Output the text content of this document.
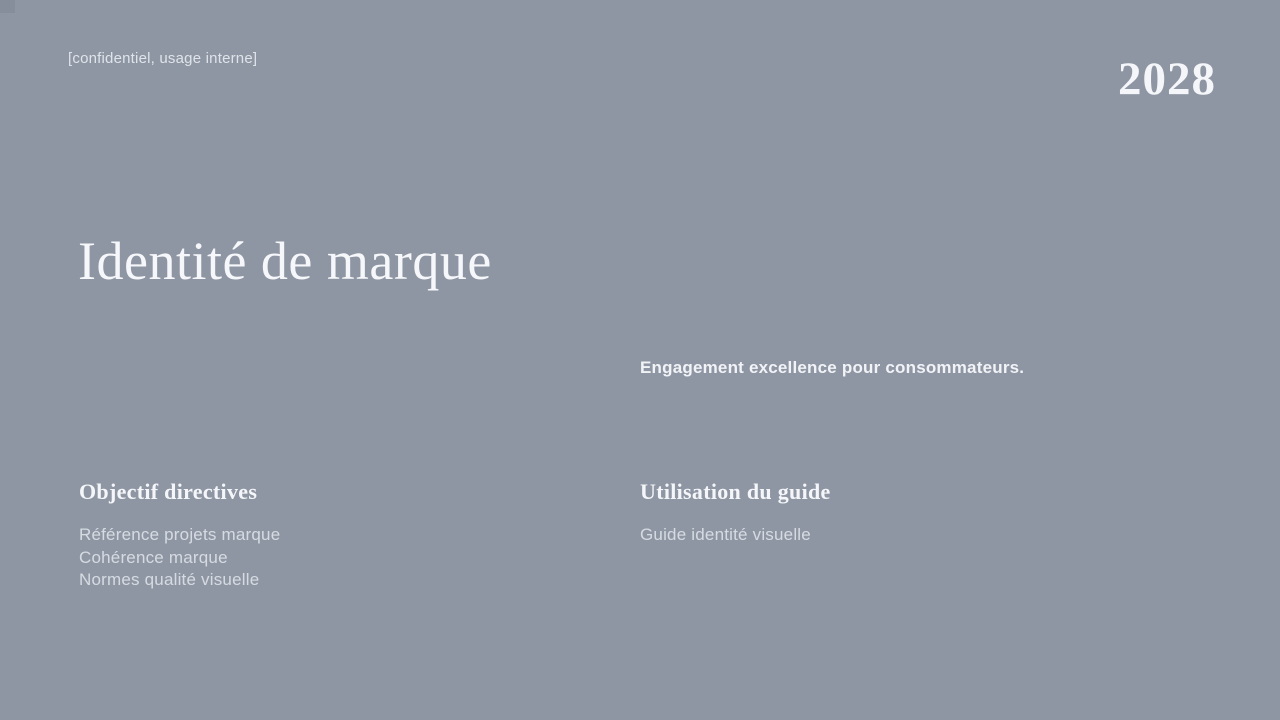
[confidentiel, usage interne]	2028
Identité de marque
Engagement excellence pour consommateurs.
Objectif directives
Référence projets marque
Cohérence marque
Normes qualité visuelle
Utilisation du guide
Guide identité visuelle
